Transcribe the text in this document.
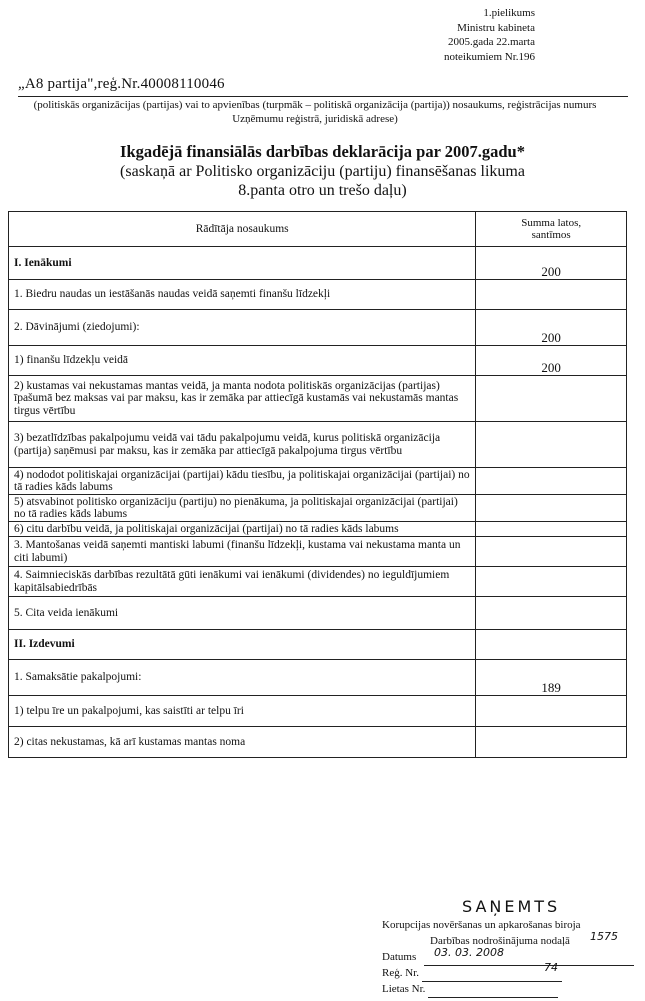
1.pielikums
Ministru kabineta
2005.gada 22.marta
noteikumiem Nr.196
„A8 partija",reģ.Nr.40008110046
(politiskās organizācijas (partijas) vai to apvienības (turpmāk – politiskā organizācija (partija)) nosaukums, reģistrācijas numurs Uzņēmumu reģistrā, juridiskā adrese)
Ikgadējā finansiālās darbības deklarācija par 2007.gadu*
(saskaņā ar Politisko organizāciju (partiju) finansēšanas likuma
8.panta otro un trešo daļu)
Rādītāja nosaukums	Summa latos,
santīmos

I. Ienākumi	200
1. Biedru naudas un iestāšanās naudas veidā saņemti finanšu līdzekļi	
2. Dāvinājumi (ziedojumi):	200
1) finanšu līdzekļu veidā	200
2) kustamas vai nekustamas mantas veidā, ja manta nodota politiskās organizācijas (partijas) īpašumā bez maksas vai par maksu, kas ir zemāka par attiecīgā kustamās vai nekustamās mantas tirgus vērtību	
3) bezatlīdzības pakalpojumu veidā vai tādu pakalpojumu veidā, kurus politiskā organizācija (partija) saņēmusi par maksu, kas ir zemāka par attiecīgā pakalpojuma tirgus vērtību	
4) nododot politiskajai organizācijai (partijai) kādu tiesību, ja politiskajai organizācijai (partijai) no tā radies kāds labums	
5) atsvabinot politisko organizāciju (partiju) no pienākuma, ja politiskajai organizācijai (partijai) no tā radies kāds labums	
6) citu darbību veidā, ja politiskajai organizācijai (partijai) no tā radies kāds labums	
3. Mantošanas veidā saņemti mantiski labumi (finanšu līdzekļi, kustama vai nekustama manta un citi labumi)	
4. Saimnieciskās darbības rezultātā gūti ienākumi vai ienākumi (dividendes) no ieguldījumiem kapitālsabiedrībās	
5. Cita veida ienākumi	
II. Izdevumi	
1. Samaksātie pakalpojumi:	189
1) telpu īre un pakalpojumi, kas saistīti ar telpu īri	
2) citas nekustamas, kā arī kustamas mantas noma	
SAŅEMTS
Korupcijas novēršanas un apkarošanas biroja
Darbības nodrošinājuma nodaļā
Datums 03. 03. 2008
1575
Reģ. Nr.	74
Lietas Nr.
